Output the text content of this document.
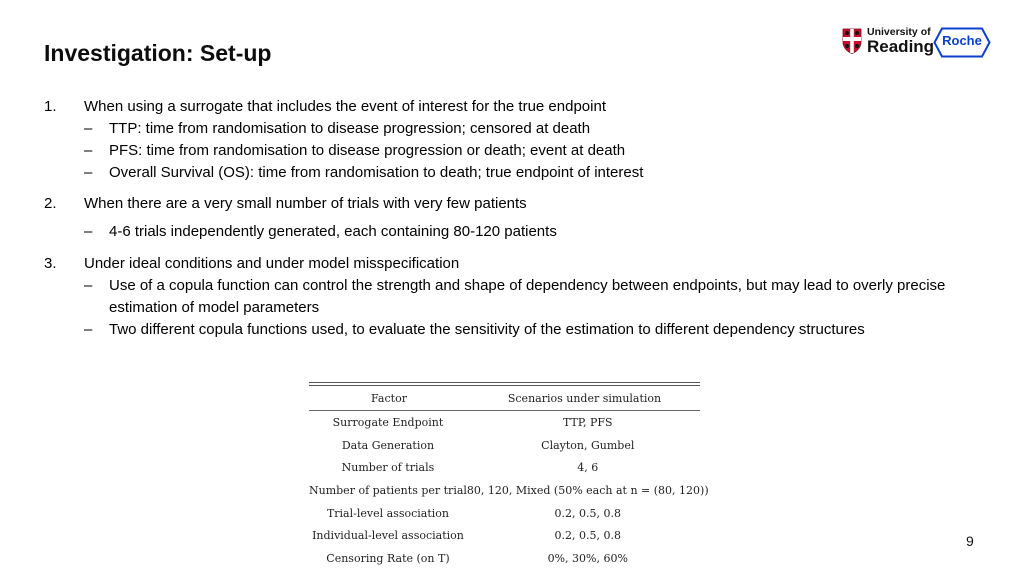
Investigation: Set-up
University of
Reading Roche
1. When using a surrogate that includes the event of interest for the true endpoint
– TTP: time from randomisation to disease progression; censored at death
– PFS: time from randomisation to disease progression or death; event at death
– Overall Survival (OS): time from randomisation to death; true endpoint of interest
2. When there are a very small number of trials with very few patients
– 4-6 trials independently generated, each containing 80-120 patients
3. Under ideal conditions and under model misspecification
– Use of a copula function can control the strength and shape of dependency between endpoints, but may lead to overly precise estimation of model parameters
– Two different copula functions used, to evaluate the sensitivity of the estimation to different dependency structures
Factor	Scenarios under simulation
Surrogate Endpoint	TTP, PFS
Data Generation	Clayton, Gumbel
Number of trials	4, 6
Number of patients per trial	80, 120, Mixed (50% each at n = (80, 120))
Trial-level association	0.2, 0.5, 0.8
Individual-level association	0.2, 0.5, 0.8
Censoring Rate (on T)	0%, 30%, 60%
9
